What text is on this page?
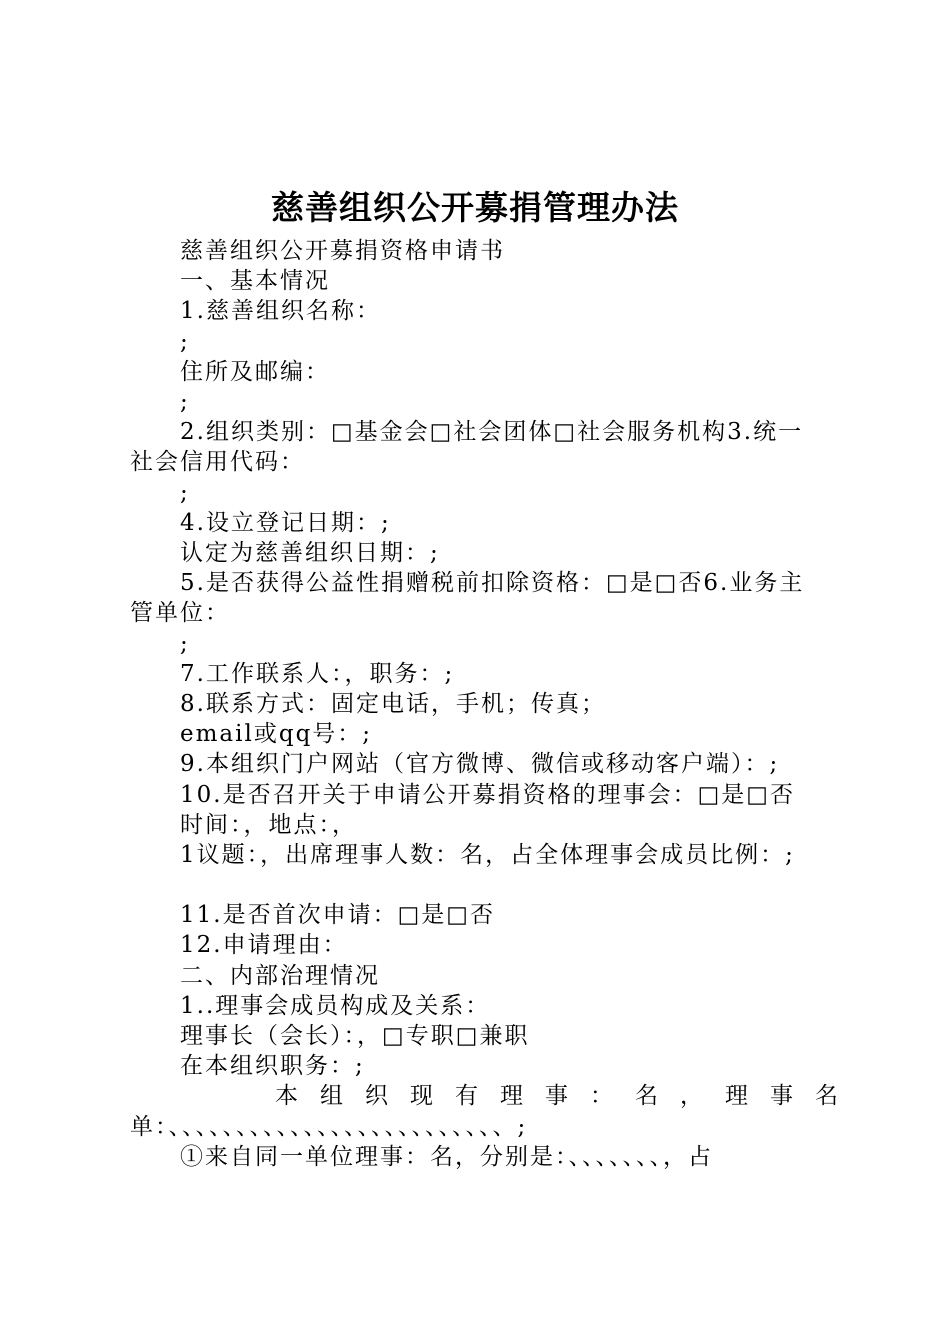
慈善组织公开募捐管理办法

慈善组织公开募捐资格申请书

一、基本情况

1.慈善组织名称：

;

住所及邮编：

;

2.组织类别：□基金会□社会团体□社会服务机构3.统一

社会信用代码：

;

4.设立登记日期：;

认定为慈善组织日期：;

5.是否获得公益性捐赠税前扣除资格：□是□否6.业务主

管单位：

;

7.工作联系人：，职务：;

8.联系方式：固定电话，手机；传真；

email或qq号：;

9.本组织门户网站（官方微博、微信或移动客户端）：;

10.是否召开关于申请公开募捐资格的理事会：□是□否

时间：，地点：，

1议题：，出席理事人数：名，占全体理事会成员比例：;

11.是否首次申请：□是□否

12.申请理由：

二、内部治理情况

1..理事会成员构成及关系：

理事长（会长）：，□专职□兼职

在本组织职务：;

本 组 织 现 有 理 事 ： 名 ， 理 事 名

单：、、、、、、、、、、、、、、、、、、、、、、、、、;

①来自同一单位理事：名，分别是：、、、、、、、，占
